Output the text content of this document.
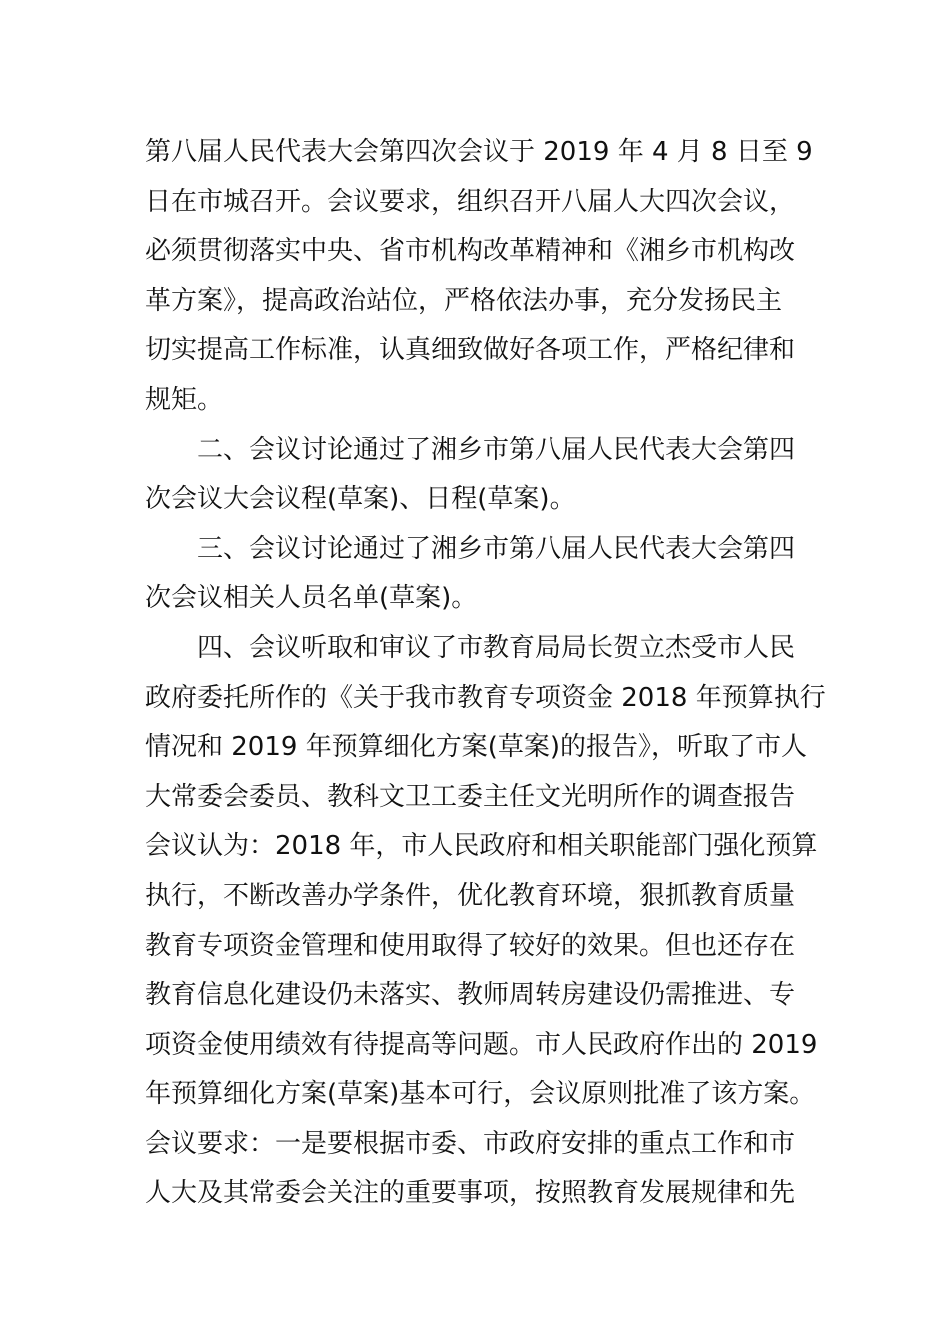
第八届人民代表大会第四次会议于 2019 年 4 月 8 日至 9
日在市城召开。会议要求，组织召开八届人大四次会议，
必须贯彻落实中央、省市机构改革精神和《湘乡市机构改
革方案》，提高政治站位，严格依法办事，充分发扬民主
切实提高工作标准，认真细致做好各项工作，严格纪律和
规矩。
二、会议讨论通过了湘乡市第八届人民代表大会第四
次会议大会议程(草案)、日程(草案)。
三、会议讨论通过了湘乡市第八届人民代表大会第四
次会议相关人员名单(草案)。
四、会议听取和审议了市教育局局长贺立杰受市人民
政府委托所作的《关于我市教育专项资金 2018 年预算执行
情况和 2019 年预算细化方案(草案)的报告》，听取了市人
大常委会委员、教科文卫工委主任文光明所作的调查报告
会议认为：2018 年，市人民政府和相关职能部门强化预算
执行，不断改善办学条件，优化教育环境，狠抓教育质量
教育专项资金管理和使用取得了较好的效果。但也还存在
教育信息化建设仍未落实、教师周转房建设仍需推进、专
项资金使用绩效有待提高等问题。市人民政府作出的 2019
年预算细化方案(草案)基本可行，会议原则批准了该方案。
会议要求：一是要根据市委、市政府安排的重点工作和市
人大及其常委会关注的重要事项，按照教育发展规律和先
